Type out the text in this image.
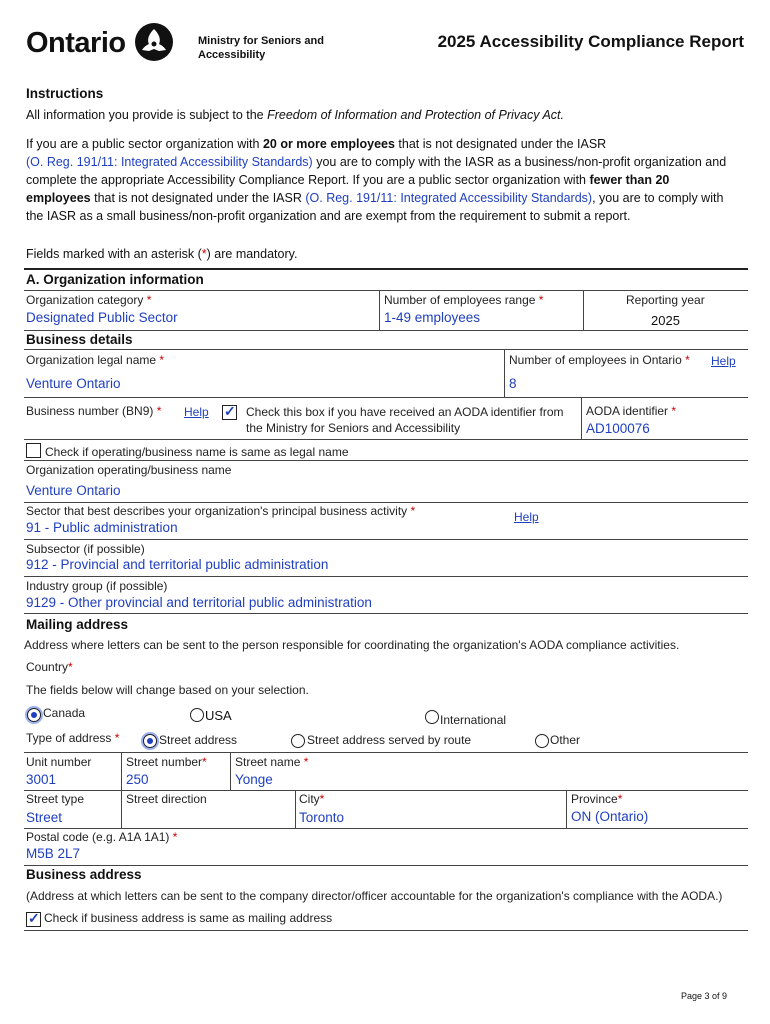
Ontario	Ministry for Seniors and Accessibility
2025 Accessibility Compliance Report
Instructions
All information you provide is subject to the Freedom of Information and Protection of Privacy Act.
If you are a public sector organization with 20 or more employees that is not designated under the IASR
(O. Reg. 191/11: Integrated Accessibility Standards) you are to comply with the IASR as a business/non-profit organization and complete the appropriate Accessibility Compliance Report. If you are a public sector organization with fewer than 20 employees that is not designated under the IASR (O. Reg. 191/11: Integrated Accessibility Standards), you are to comply with the IASR as a small business/non-profit organization and are exempt from the requirement to submit a report.
Fields marked with an asterisk (*) are mandatory.
A. Organization information
Organization category *
Designated Public Sector
Number of employees range *
1-49 employees
Reporting year
2025
Business details
Organization legal name *
Venture Ontario
Number of employees in Ontario * Help
8
Business number (BN9) * Help
✓	Check this box if you have received an AODA identifier from the Ministry for Seniors and Accessibility
AODA identifier *
AD100076
Check if operating/business name is same as legal name
Organization operating/business name
Venture Ontario
Sector that best describes your organization's principal business activity *	Help
91 - Public administration
Subsector (if possible)
912 - Provincial and territorial public administration
Industry group (if possible)
9129 - Other provincial and territorial public administration
Mailing address
Address where letters can be sent to the person responsible for coordinating the organization's AODA compliance activities.
Country*
The fields below will change based on your selection.
Canada	USA	International
Type of address *	Street address	Street address served by route	Other
Unit number
3001
Street number*
250
Street name *
Yonge
Street type
Street
Street direction	City*
Toronto
Province*
ON (Ontario)
Postal code (e.g. A1A 1A1) *
M5B 2L7
Business address
(Address at which letters can be sent to the company director/officer accountable for the organization's compliance with the AODA.)
✓
Check if business address is same as mailing address
Page 3 of 9
